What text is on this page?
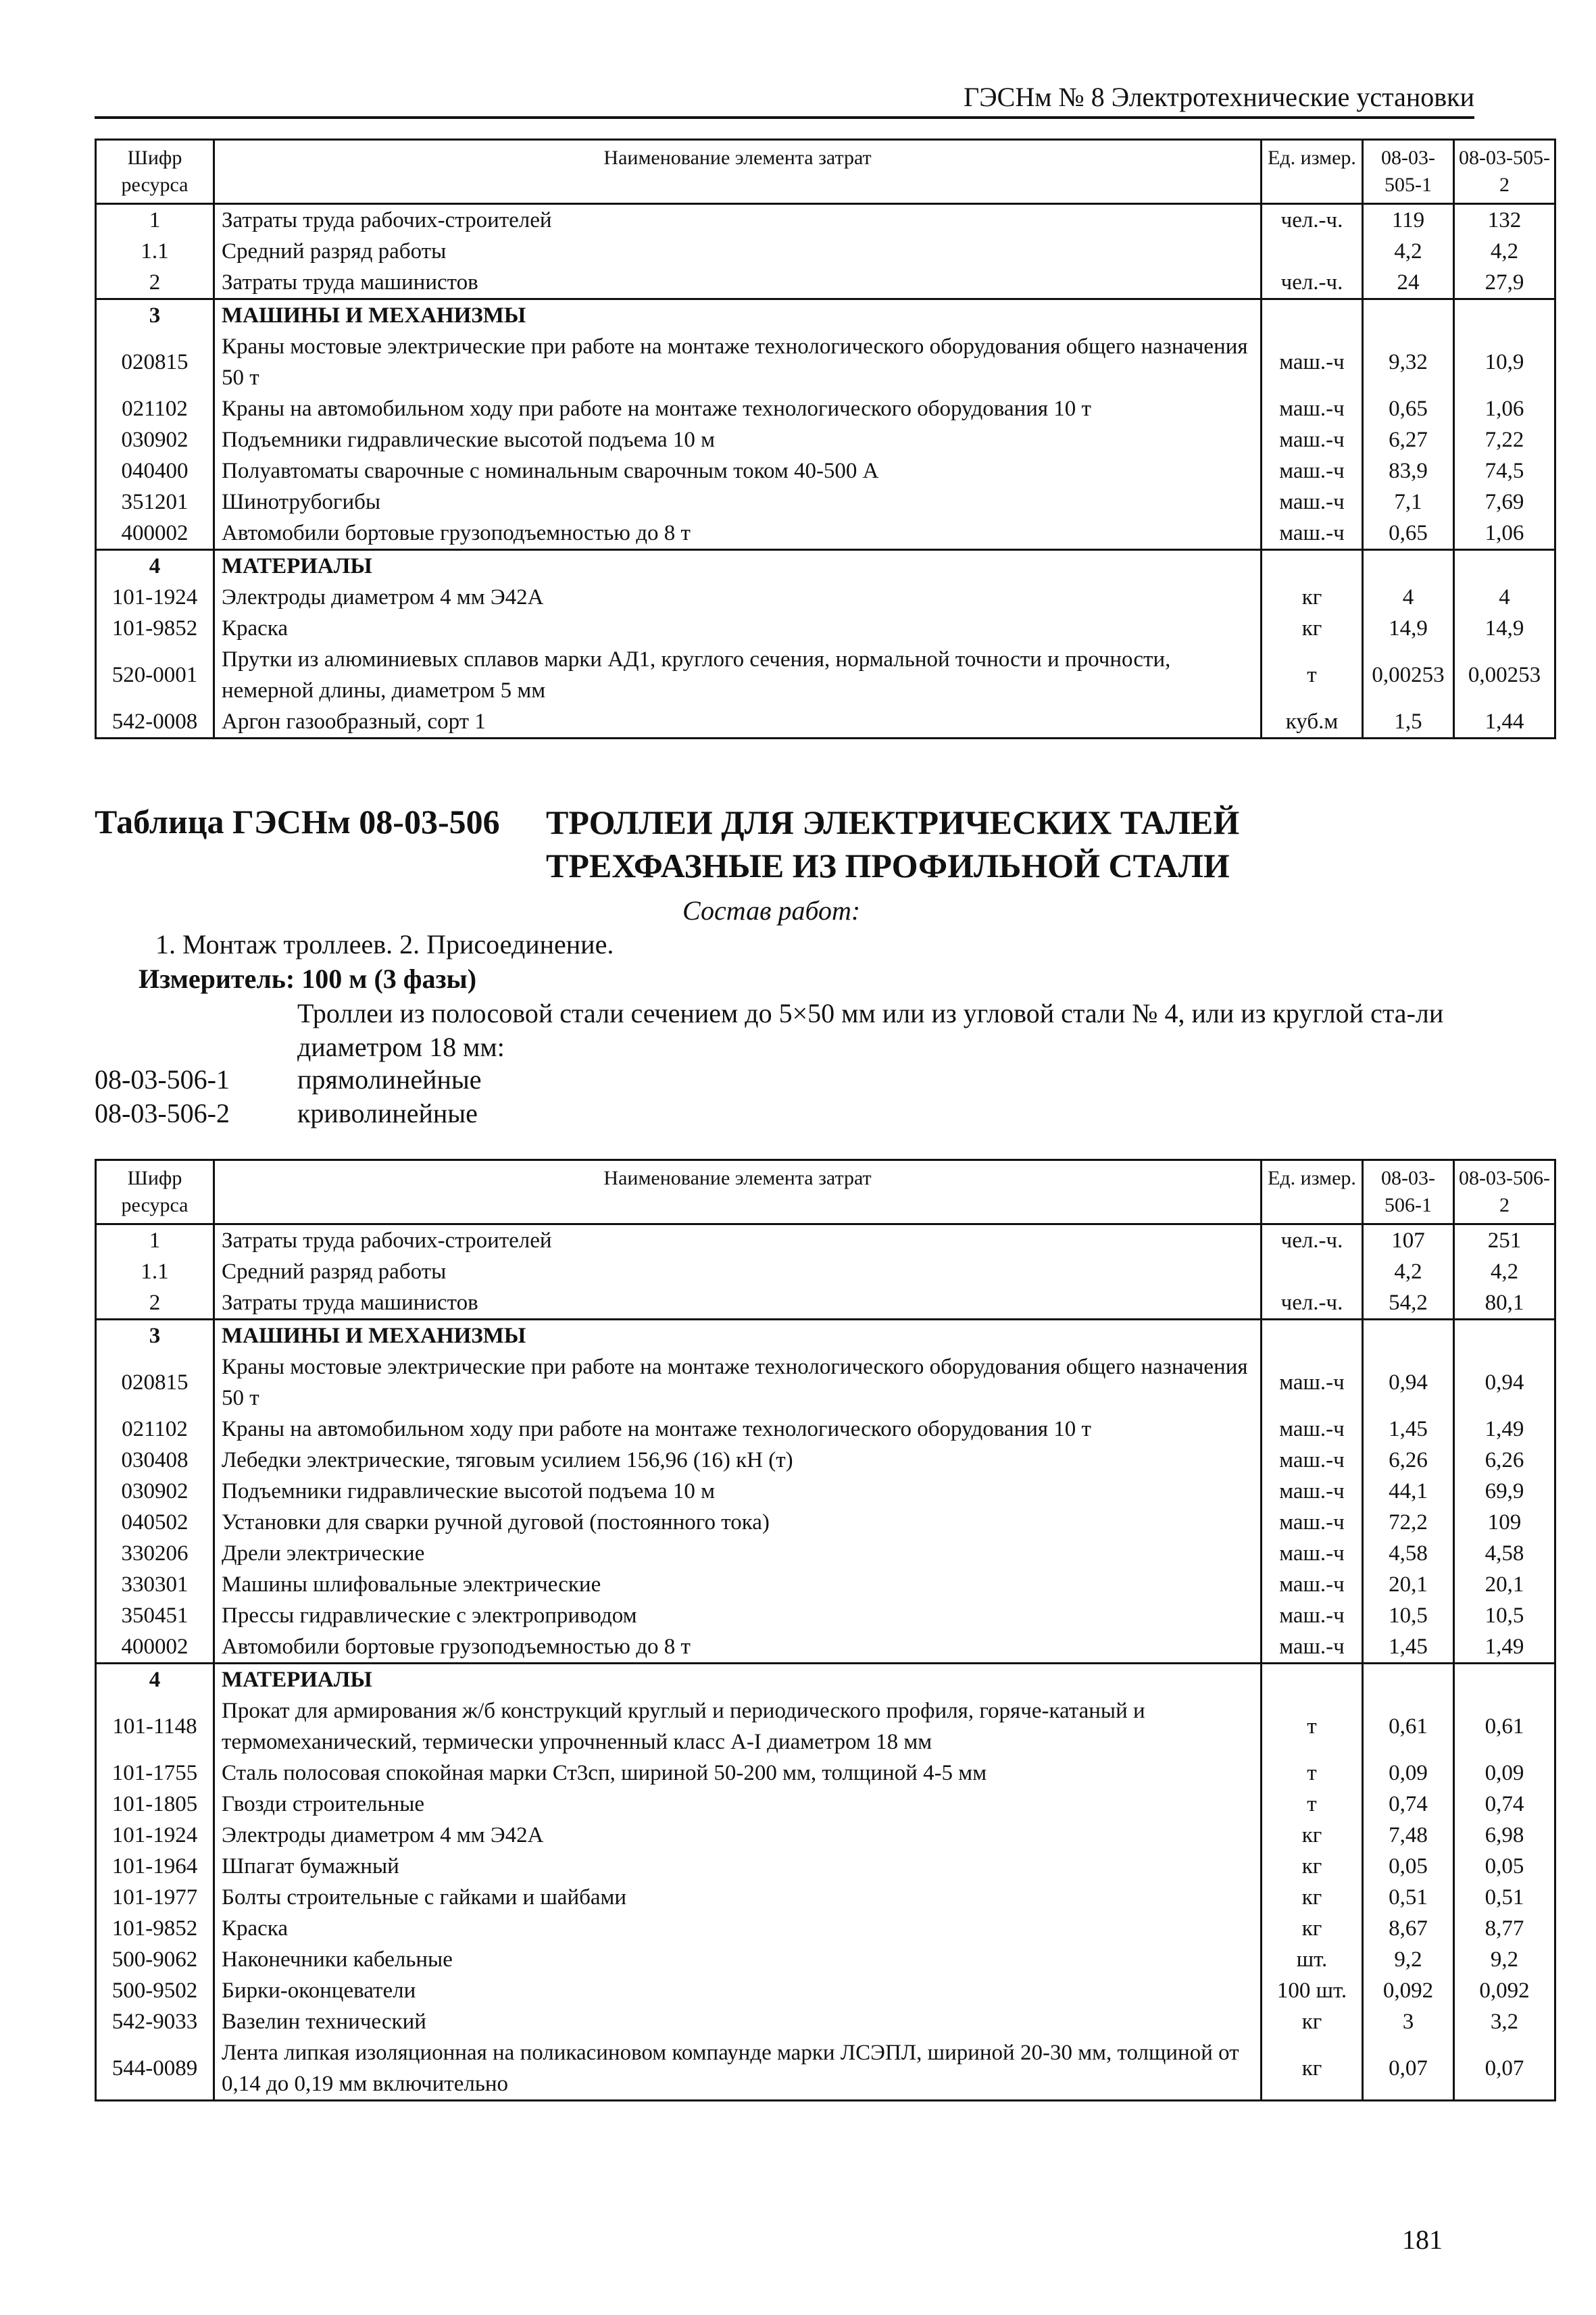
ГЭСНм № 8 Электротехнические установки
Шифр ресурса	Наименование элемента затрат	Ед. измер.	08-03-505-1	08-03-505-2
1	Затраты труда рабочих-строителей	чел.-ч.	119	132
1.1	Средний разряд работы		4,2	4,2
2	Затраты труда машинистов	чел.-ч.	24	27,9
3	МАШИНЫ И МЕХАНИЗМЫ			
020815	Краны мостовые электрические при работе на монтаже технологического оборудования общего назначения 50 т	маш.-ч	9,32	10,9
021102	Краны на автомобильном ходу при работе на монтаже технологического оборудования 10 т	маш.-ч	0,65	1,06
030902	Подъемники гидравлические высотой подъема 10 м	маш.-ч	6,27	7,22
040400	Полуавтоматы сварочные с номинальным сварочным током 40-500 А	маш.-ч	83,9	74,5
351201	Шинотрубогибы	маш.-ч	7,1	7,69
400002	Автомобили бортовые грузоподъемностью до 8 т	маш.-ч	0,65	1,06
4	МАТЕРИАЛЫ			
101-1924	Электроды диаметром 4 мм Э42А	кг	4	4
101-9852	Краска	кг	14,9	14,9
520-0001	Прутки из алюминиевых сплавов марки АД1, круглого сечения, нормальной точности и прочности, немерной длины, диаметром 5 мм	т	0,00253	0,00253
542-0008	Аргон газообразный, сорт 1	куб.м	1,5	1,44
Таблица ГЭСНм 08-03-506 ТРОЛЛЕИ ДЛЯ ЭЛЕКТРИЧЕСКИХ ТАЛЕЙ
ТРЕХФАЗНЫЕ ИЗ ПРОФИЛЬНОЙ СТАЛИ
Состав работ:
1. Монтаж троллеев. 2. Присоединение.
Измеритель: 100 м (3 фазы)
Троллеи из полосовой стали сечением до 5×50 мм или из угловой стали № 4, или из круглой ста-ли диаметром 18 мм:
08-03-506-1	прямолинейные
08-03-506-2	криволинейные
Шифр ресурса	Наименование элемента затрат	Ед. измер.	08-03-506-1	08-03-506-2
1	Затраты труда рабочих-строителей	чел.-ч.	107	251
1.1	Средний разряд работы		4,2	4,2
2	Затраты труда машинистов	чел.-ч.	54,2	80,1
3	МАШИНЫ И МЕХАНИЗМЫ			
020815	Краны мостовые электрические при работе на монтаже технологического оборудования общего назначения 50 т	маш.-ч	0,94	0,94
021102	Краны на автомобильном ходу при работе на монтаже технологического оборудования 10 т	маш.-ч	1,45	1,49
030408	Лебедки электрические, тяговым усилием 156,96 (16) кН (т)	маш.-ч	6,26	6,26
030902	Подъемники гидравлические высотой подъема 10 м	маш.-ч	44,1	69,9
040502	Установки для сварки ручной дуговой (постоянного тока)	маш.-ч	72,2	109
330206	Дрели электрические	маш.-ч	4,58	4,58
330301	Машины шлифовальные электрические	маш.-ч	20,1	20,1
350451	Прессы гидравлические с электроприводом	маш.-ч	10,5	10,5
400002	Автомобили бортовые грузоподъемностью до 8 т	маш.-ч	1,45	1,49
4	МАТЕРИАЛЫ			
101-1148	Прокат для армирования ж/б конструкций круглый и периодического профиля, горяче-катаный и термомеханический, термически упрочненный класс А-I диаметром 18 мм	т	0,61	0,61
101-1755	Сталь полосовая спокойная марки Ст3сп, шириной 50-200 мм, толщиной 4-5 мм	т	0,09	0,09
101-1805	Гвозди строительные	т	0,74	0,74
101-1924	Электроды диаметром 4 мм Э42А	кг	7,48	6,98
101-1964	Шпагат бумажный	кг	0,05	0,05
101-1977	Болты строительные с гайками и шайбами	кг	0,51	0,51
101-9852	Краска	кг	8,67	8,77
500-9062	Наконечники кабельные	шт.	9,2	9,2
500-9502	Бирки-оконцеватели	100 шт.	0,092	0,092
542-9033	Вазелин технический	кг	3	3,2
544-0089	Лента липкая изоляционная на поликасиновом компаунде марки ЛСЭПЛ, шириной 20-30 мм, толщиной от 0,14 до 0,19 мм включительно	кг	0,07	0,07
181
